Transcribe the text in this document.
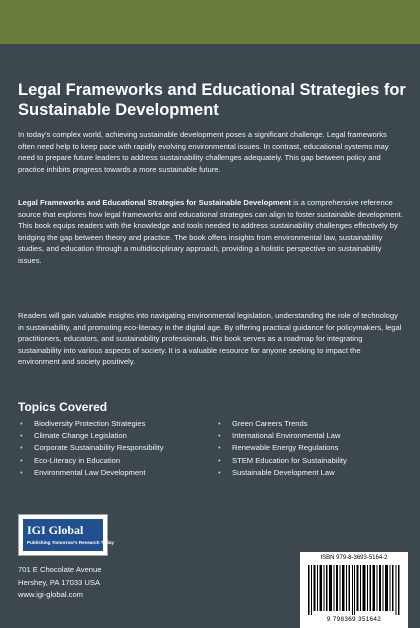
Legal Frameworks and Educational Strategies for Sustainable Development

In today’s complex world, achieving sustainable development poses a significant challenge. Legal frameworks often need help to keep pace with rapidly evolving environmental issues. In contrast, educational systems may need to prepare future leaders to address sustainability challenges adequately. This gap between policy and practice inhibits progress towards a more sustainable future.

Legal Frameworks and Educational Strategies for Sustainable Development is a comprehensive reference source that explores how legal frameworks and educational strategies can align to foster sustainable development. This book equips readers with the knowledge and tools needed to address sustainability challenges effectively by bridging the gap between theory and practice. The book offers insights from environmental law, sustainability studies, and education through a multidisciplinary approach, providing a holistic perspective on sustainability issues.

Readers will gain valuable insights into navigating environmental legislation, understanding the role of technology in sustainability, and promoting eco-literacy in the digital age. By offering practical guidance for policymakers, legal practitioners, educators, and sustainability professionals, this book serves as a roadmap for integrating sustainability into various aspects of society. It is a valuable resource for anyone seeking to impact the environment and society positively.

Topics Covered
•	Biodiversity Protection Strategies
•	Climate Change Legislation
•	Corporate Sustainability Responsibility
•	Eco-Literacy in Education
•	Environmental Law Development
•	Green Careers Trends
•	International Environmental Law
•	Renewable Energy Regulations
•	STEM Education for Sustainability
•	Sustainable Development Law
IGI Global
Publishing Tomorrow's Research Today
701 E Chocolate Avenue
Hershey, PA 17033 USA
www.igi-global.com
ISBN 979-8-3693-5164-2
9 798369 351642
